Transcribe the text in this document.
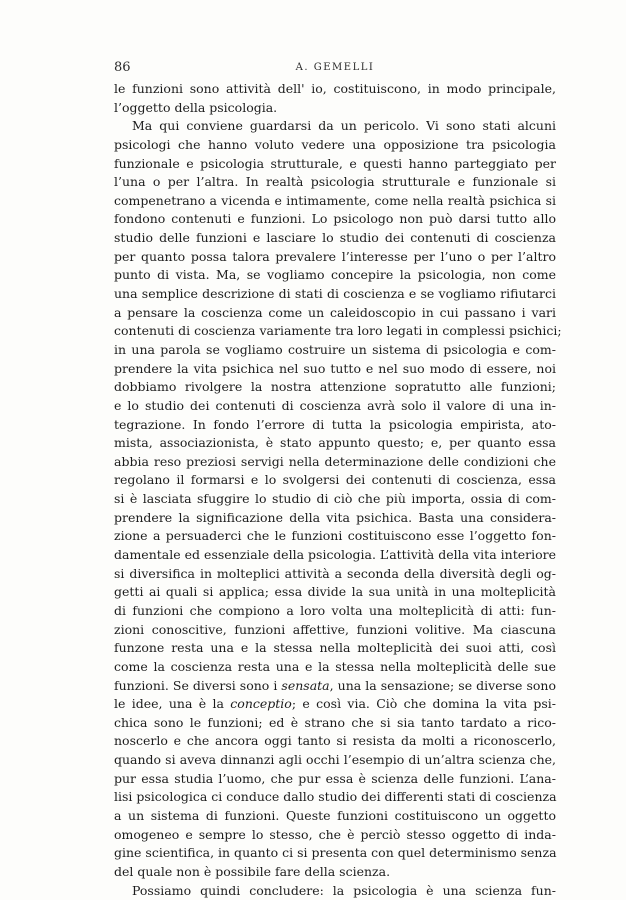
86	A. GEMELLI
le funzioni sono attività dell' io, costituiscono, in modo principale,
l’oggetto della psicologia.
Ma qui conviene guardarsi da un pericolo. Vi sono stati alcuni
psicologi che hanno voluto vedere una opposizione tra psicologia
funzionale e psicologia strutturale, e questi hanno parteggiato per
l’una o per l’altra. In realtà psicologia strutturale e funzionale si
compenetrano a vicenda e intimamente, come nella realtà psichica si
fondono contenuti e funzioni. Lo psicologo non può darsi tutto allo
studio delle funzioni e lasciare lo studio dei contenuti di coscienza
per quanto possa talora prevalere l’interesse per l’uno o per l’altro
punto di vista. Ma, se vogliamo concepire la psicologia, non come
una semplice descrizione di stati di coscienza e se vogliamo rifiutarci
a pensare la coscienza come un caleidoscopio in cui passano i vari
contenuti di coscienza variamente tra loro legati in complessi psichici;
in una parola se vogliamo costruire un sistema di psicologia e com-
prendere la vita psichica nel suo tutto e nel suo modo di essere, noi
dobbiamo rivolgere la nostra attenzione sopratutto alle funzioni;
e lo studio dei contenuti di coscienza avrà solo il valore di una in-
tegrazione. In fondo l’errore di tutta la psicologia empirista, ato-
mista, associazionista, è stato appunto questo; e, per quanto essa
abbia reso preziosi servigi nella determinazione delle condizioni che
regolano il formarsi e lo svolgersi dei contenuti di coscienza, essa
si è lasciata sfuggire lo studio di ciò che più importa, ossia di com-
prendere la significazione della vita psichica. Basta una considera-
zione a persuaderci che le funzioni costituiscono esse l’oggetto fon-
damentale ed essenziale della psicologia. L’attività della vita interiore
si diversifica in molteplici attività a seconda della diversità degli og-
getti ai quali si applica; essa divide la sua unità in una molteplicità
di funzioni che compiono a loro volta una molteplicità di atti: fun-
zioni conoscitive, funzioni affettive, funzioni volitive. Ma ciascuna
funzone resta una e la stessa nella molteplicità dei suoi atti, così
come la coscienza resta una e la stessa nella molteplicità delle sue
funzioni. Se diversi sono i sensata, una la sensazione; se diverse sono
le idee, una è la conceptio; e così via. Ciò che domina la vita psi-
chica sono le funzioni; ed è strano che si sia tanto tardato a rico-
noscerlo e che ancora oggi tanto si resista da molti a riconoscerlo,
quando si aveva dinnanzi agli occhi l’esempio di un’altra scienza che,
pur essa studia l’uomo, che pur essa è scienza delle funzioni. L’ana-
lisi psicologica ci conduce dallo studio dei differenti stati di coscienza
a un sistema di funzioni. Queste funzioni costituiscono un oggetto
omogeneo e sempre lo stesso, che è perciò stesso oggetto di inda-
gine scientifica, in quanto ci si presenta con quel determinismo senza
del quale non è possibile fare della scienza.
Possiamo quindi concludere: la psicologia è una scienza fun-
